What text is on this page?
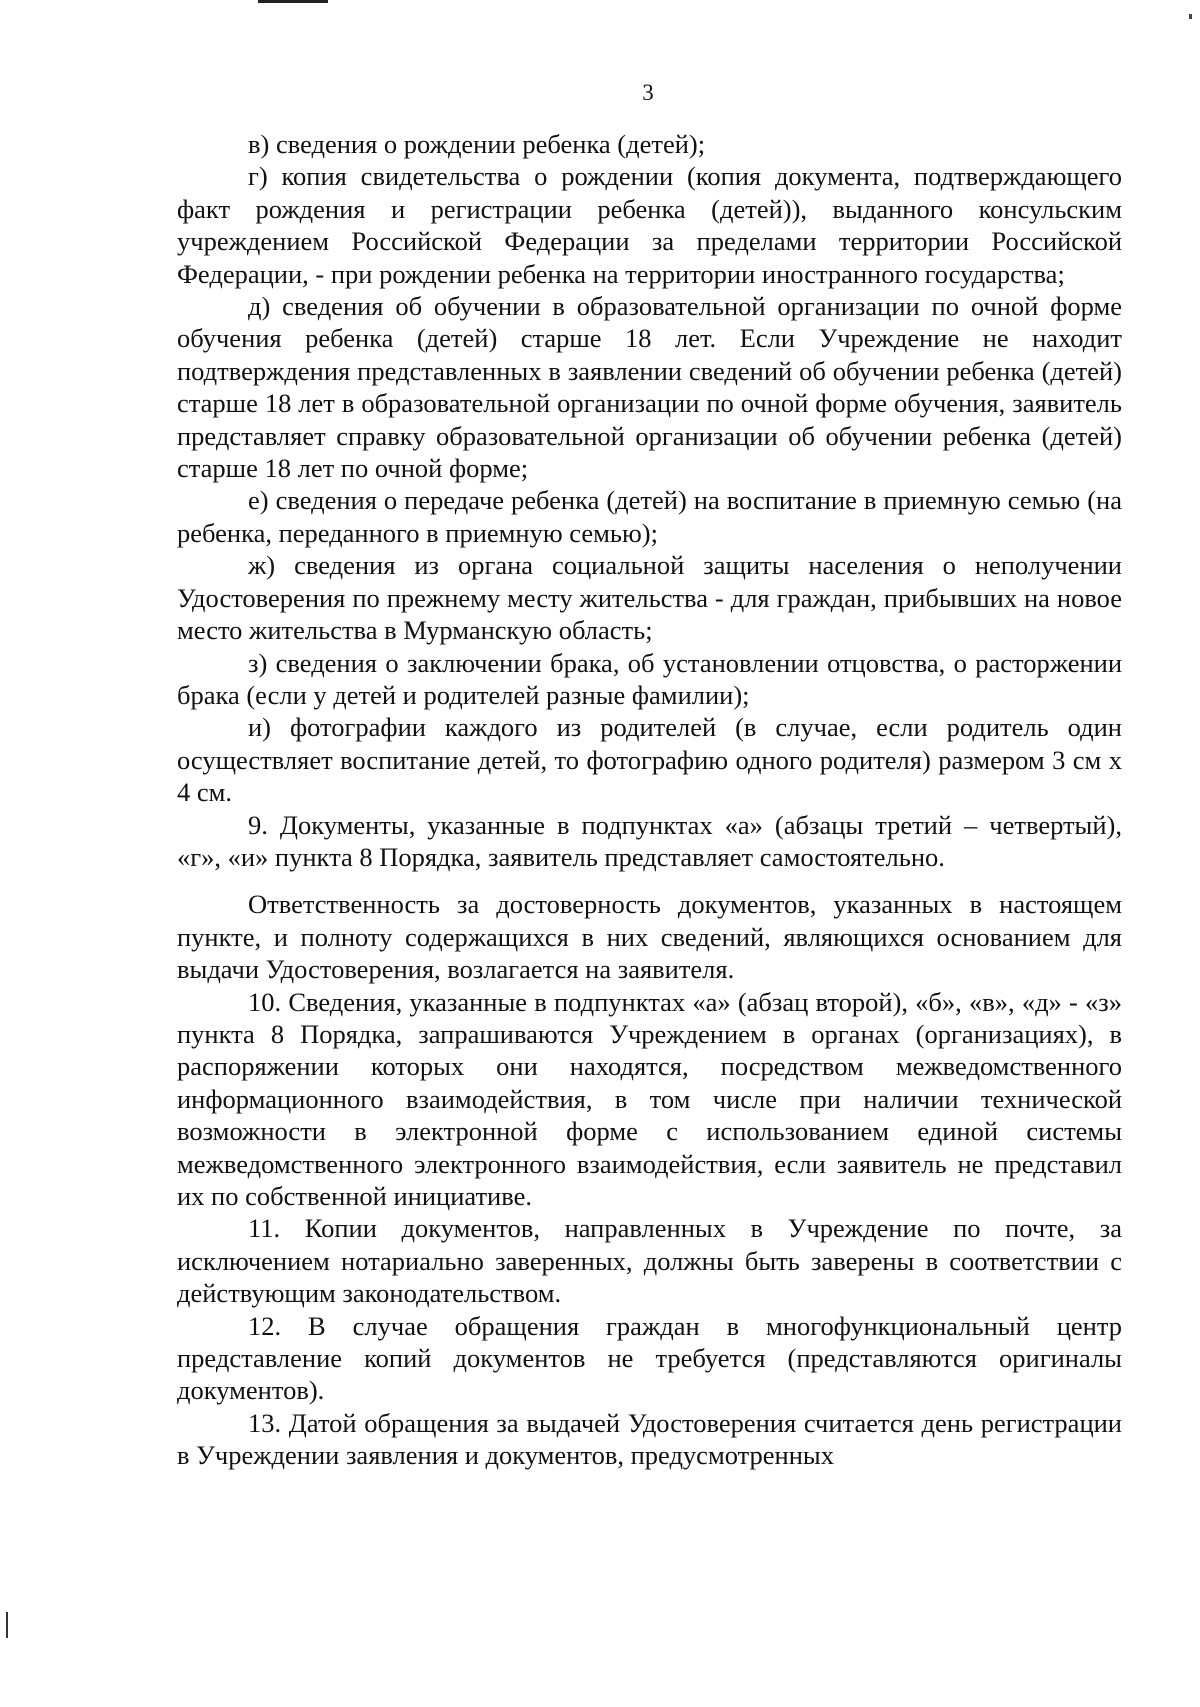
3

в) сведения о рождении ребенка (детей);

г) копия свидетельства о рождении (копия документа, подтверждающего факт рождения и регистрации ребенка (детей)), выданного консульским учреждением Российской Федерации за пределами территории Российской Федерации, - при рождении ребенка на территории иностранного государства;

д) сведения об обучении в образовательной организации по очной форме обучения ребенка (детей) старше 18 лет. Если Учреждение не находит подтверждения представленных в заявлении сведений об обучении ребенка (детей) старше 18 лет в образовательной организации по очной форме обучения, заявитель представляет справку образовательной организации об обучении ребенка (детей) старше 18 лет по очной форме;

е) сведения о передаче ребенка (детей) на воспитание в приемную семью (на ребенка, переданного в приемную семью);

ж) сведения из органа социальной защиты населения о неполучении Удостоверения по прежнему месту жительства - для граждан, прибывших на новое место жительства в Мурманскую область;

з) сведения о заключении брака, об установлении отцовства, о расторжении брака (если у детей и родителей разные фамилии);

и) фотографии каждого из родителей (в случае, если родитель один осуществляет воспитание детей, то фотографию одного родителя) размером 3 см х 4 см.

9. Документы, указанные в подпунктах «а» (абзацы третий – четвертый), «г», «и» пункта 8 Порядка, заявитель представляет самостоятельно.

Ответственность за достоверность документов, указанных в настоящем пункте, и полноту содержащихся в них сведений, являющихся основанием для выдачи Удостоверения, возлагается на заявителя.

10. Сведения, указанные в подпунктах «а» (абзац второй), «б», «в», «д» - «з» пункта 8 Порядка, запрашиваются Учреждением в органах (организациях), в распоряжении которых они находятся, посредством межведомственного информационного взаимодействия, в том числе при наличии технической возможности в электронной форме с использованием единой системы межведомственного электронного взаимодействия, если заявитель не представил их по собственной инициативе.

11. Копии документов, направленных в Учреждение по почте, за исключением нотариально заверенных, должны быть заверены в соответствии с действующим законодательством.

12. В случае обращения граждан в многофункциональный центр представление копий документов не требуется (представляются оригиналы документов).

13. Датой обращения за выдачей Удостоверения считается день регистрации в Учреждении заявления и документов, предусмотренных
